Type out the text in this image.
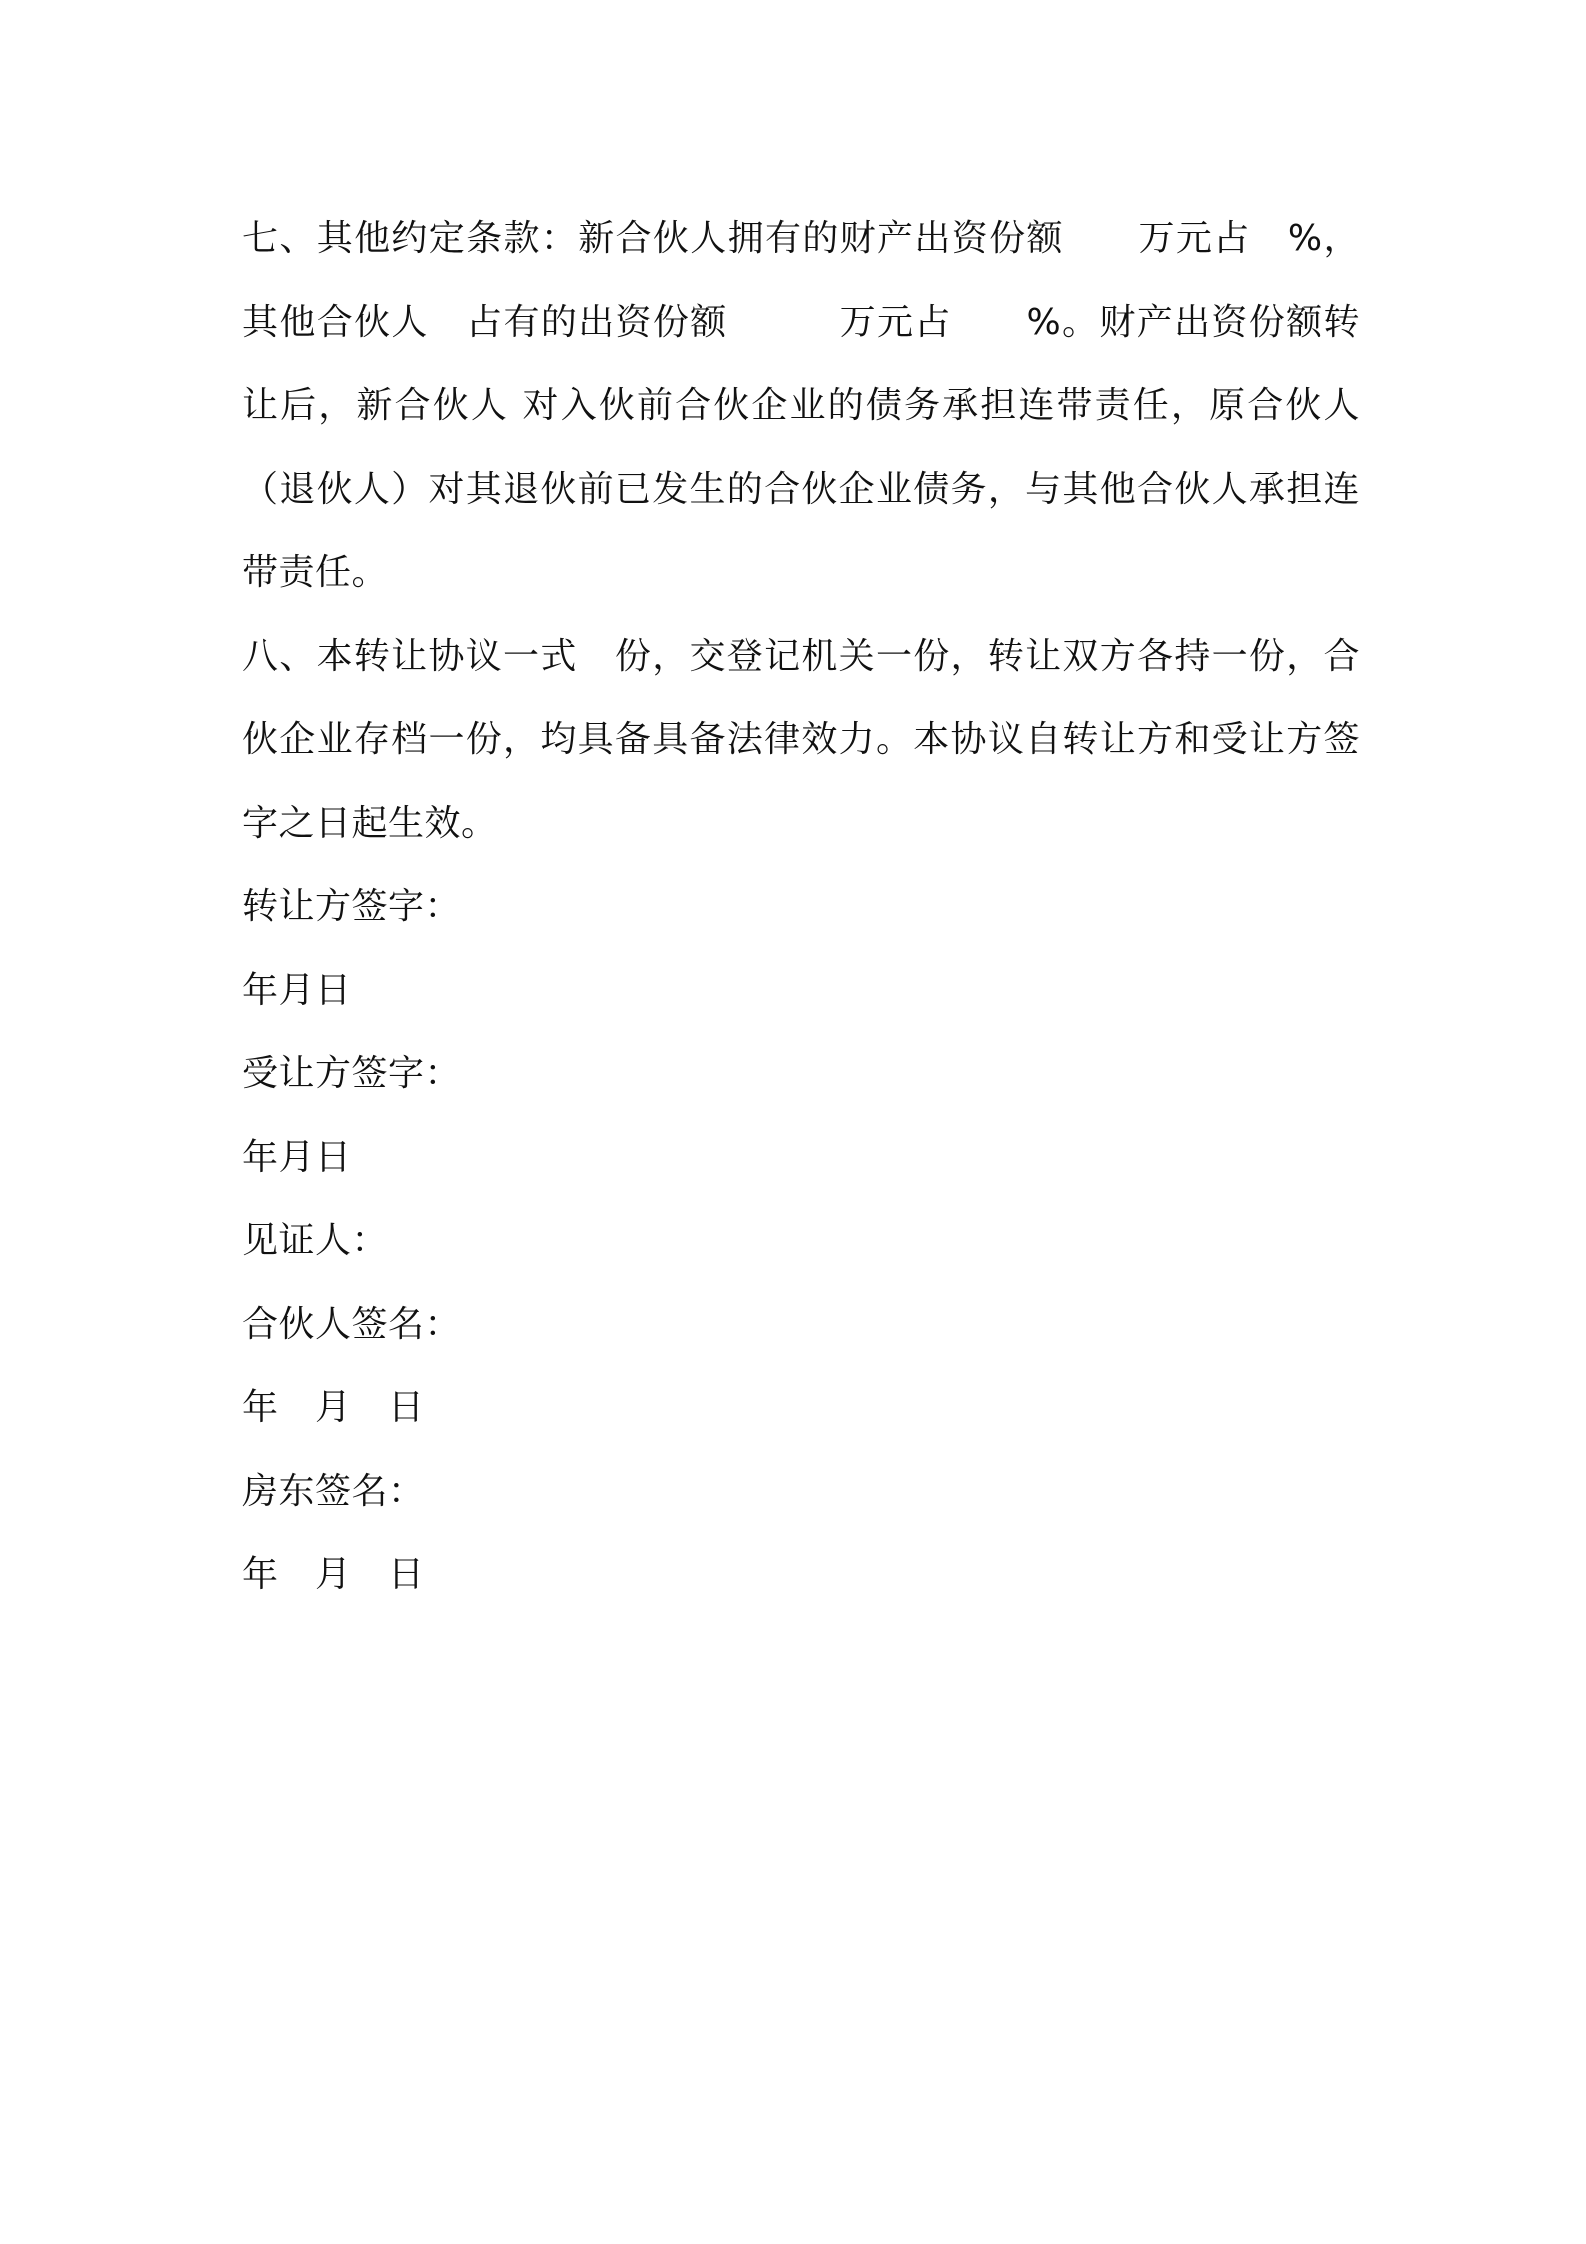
七、其他约定条款：新合伙人拥有的财产出资份额　　万元占　%，其他合伙人　占有的出资份额　　　万元占　　%。财产出资份额转让后，新合伙人 对入伙前合伙企业的债务承担连带责任，原合伙人（退伙人）对其退伙前已发生的合伙企业债务，与其他合伙人承担连带责任。

八、本转让协议一式　份，交登记机关一份，转让双方各持一份，合伙企业存档一份，均具备具备法律效力。本协议自转让方和受让方签字之日起生效。

转让方签字：

年月日

受让方签字：

年月日

见证人：

合伙人签名：

年　月　日

房东签名：

年　月　日
